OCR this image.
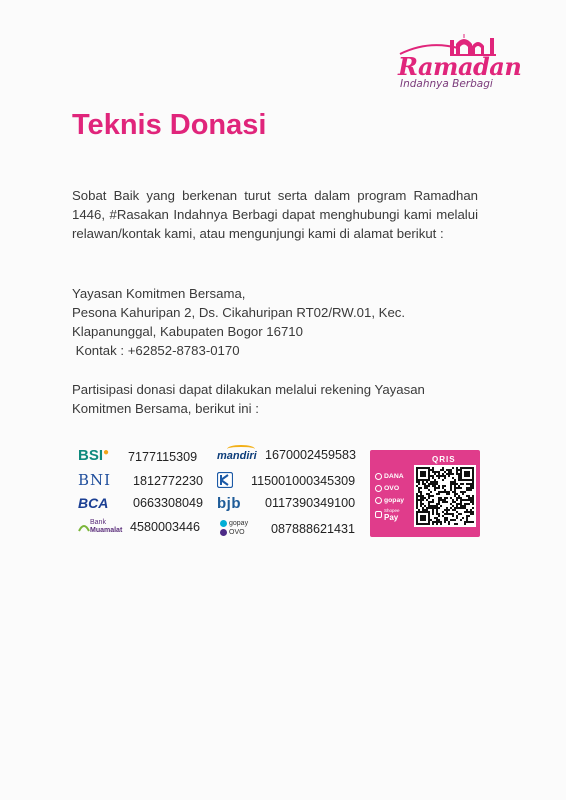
Ramadan
Indahnya Berbagi
Teknis Donasi
Sobat Baik yang berkenan turut serta dalam program Ramadhan 1446, #Rasakan Indahnya Berbagi dapat menghubungi kami melalui relawan/kontak kami, atau mengunjungi kami di alamat berikut :
Yayasan Komitmen Bersama,
Pesona Kahuripan 2, Ds. Cikahuripan RT02/RW.01, Kec.
Klapanunggal, Kabupaten Bogor 16710
Kontak : +62852-8783-0170
Partisipasi donasi dapat dilakukan melalui rekening Yayasan Komitmen Bersama, berikut ini :
BSI● 7177115309
BNI 1812772230
BCA 0663308049
Bank
Muamalat 4580003446
mandiri 1670002459583
115001000345309
bjb 0117390349100
gopay
OVO 087888621431
QRIS
DANA
OVO
gopay
Shopee
Pay
